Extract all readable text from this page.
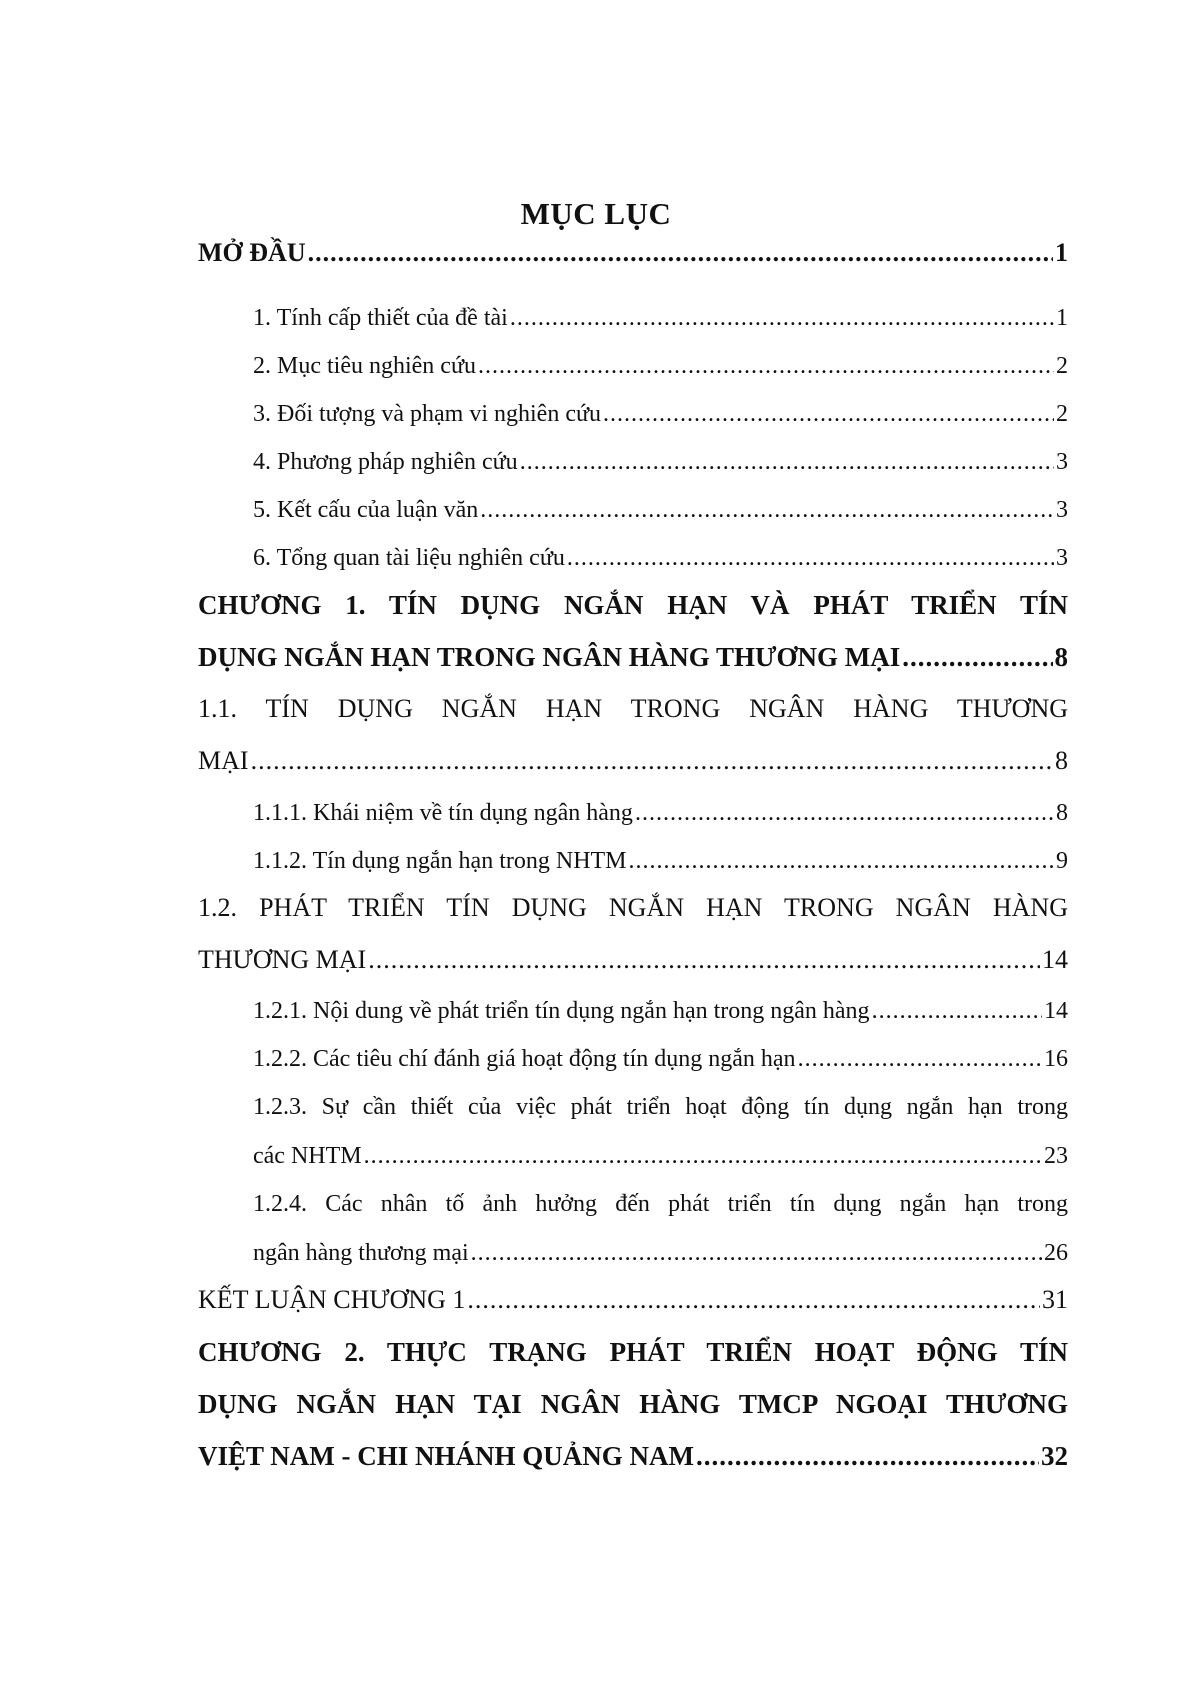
MỤC LỤC
MỞ ĐẦU .....	1
1. Tính cấp thiết của đề tài .....	1
2. Mục tiêu nghiên cứu .....	2
3. Đối tượng và phạm vi nghiên cứu .....	2
4. Phương pháp nghiên cứu .....	3
5. Kết cấu của luận văn .....	3
6. Tổng quan tài liệu nghiên cứu .....	3
CHƯƠNG 1. TÍN DỤNG NGẮN HẠN VÀ PHÁT TRIỂN TÍN
DỤNG NGẮN HẠN TRONG NGÂN HÀNG THƯƠNG MẠI .....	8
1.1. TÍN DỤNG NGẮN HẠN TRONG NGÂN HÀNG THƯƠNG
MẠI .....	8
1.1.1. Khái niệm về tín dụng ngân hàng .....	8
1.1.2. Tín dụng ngắn hạn trong NHTM .....	9
1.2. PHÁT TRIỂN TÍN DỤNG NGẮN HẠN TRONG NGÂN HÀNG
THƯƠNG MẠI .....	14
1.2.1. Nội dung về phát triển tín dụng ngắn hạn trong ngân hàng .....	14
1.2.2. Các tiêu chí đánh giá hoạt động tín dụng ngắn hạn .....	16
1.2.3. Sự cần thiết của việc phát triển hoạt động tín dụng ngắn hạn trong
các NHTM .....	23
1.2.4. Các nhân tố ảnh hưởng đến phát triển tín dụng ngắn hạn trong
ngân hàng thương mại .....	26
KẾT LUẬN CHƯƠNG 1 .....	31
CHƯƠNG 2. THỰC TRẠNG PHÁT TRIỂN HOẠT ĐỘNG TÍN
DỤNG NGẮN HẠN TẠI NGÂN HÀNG TMCP NGOẠI THƯƠNG
VIỆT NAM - CHI NHÁNH QUẢNG NAM .....	32
